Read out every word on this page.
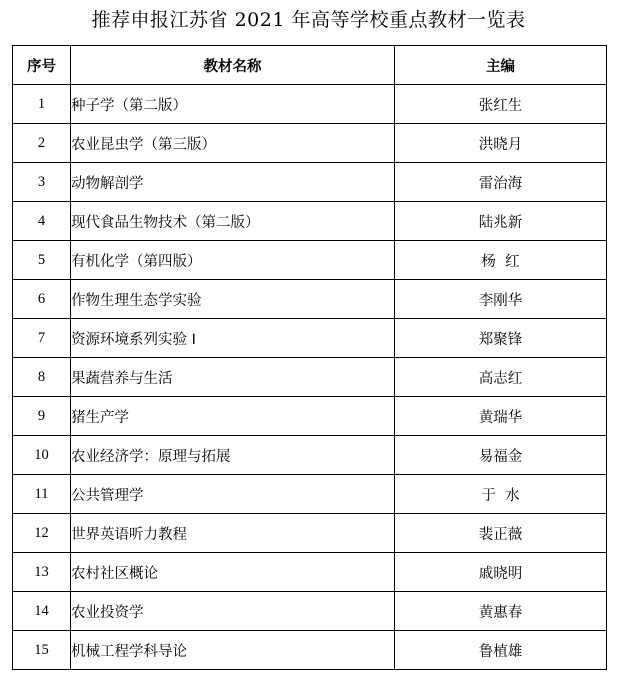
推荐申报江苏省 2021 年高等学校重点教材一览表
序号	教材名称	主编
1	种子学（第二版）	张红生
2	农业昆虫学（第三版）	洪晓月
3	动物解剖学	雷治海
4	现代食品生物技术（第二版）	陆兆新
5	有机化学（第四版）	杨  红
6	作物生理生态学实验	李刚华
7	资源环境系列实验 I	郑聚锋
8	果蔬营养与生活	高志红
9	猪生产学	黄瑞华
10	农业经济学：原理与拓展	易福金
11	公共管理学	于  水
12	世界英语听力教程	裴正薇
13	农村社区概论	戚晓明
14	农业投资学	黄惠春
15	机械工程学科导论	鲁植雄
